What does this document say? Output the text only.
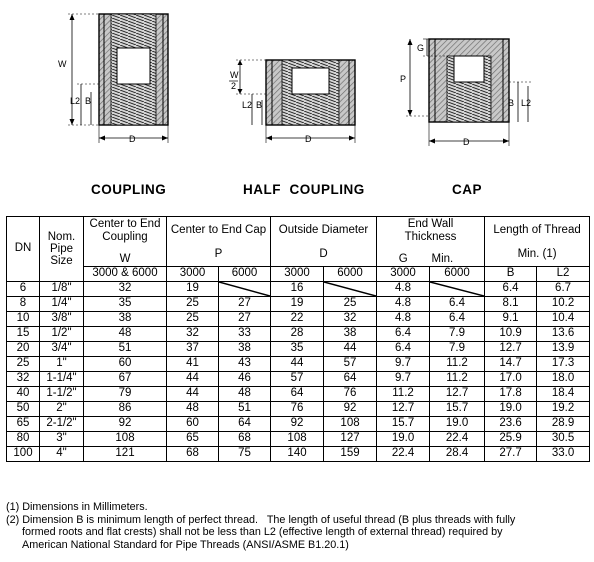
W
L2 B
D
W
2
L2 B
D
G
P
B L2
D
COUPLING	HALF  COUPLING	CAP
DN	Nom. Pipe Size	Center to End Coupling	Center to End Cap		Outside Diameter		End Wall Thickness		Length of Thread	
		W	P		D		G	Min.	Min. (1)	
		3000 & 6000	3000	6000	3000	6000	3000	6000	B	L2
6	1/8"	32	19		16		4.8		6.4	6.7
8	1/4"	35	25	27	19	25	4.8	6.4	8.1	10.2
10	3/8"	38	25	27	22	32	4.8	6.4	9.1	10.4
15	1/2"	48	32	33	28	38	6.4	7.9	10.9	13.6
20	3/4"	51	37	38	35	44	6.4	7.9	12.7	13.9
25	1"	60	41	43	44	57	9.7	11.2	14.7	17.3
32	1-1/4"	67	44	46	57	64	9.7	11.2	17.0	18.0
40	1-1/2"	79	44	48	64	76	11.2	12.7	17.8	18.4
50	2"	86	48	51	76	92	12.7	15.7	19.0	19.2
65	2-1/2"	92	60	64	92	108	15.7	19.0	23.6	28.9
80	3"	108	65	68	108	127	19.0	22.4	25.9	30.5
100	4"	121	68	75	140	159	22.4	28.4	27.7	33.0
(1) Dimensions in Millimeters.
(2) Dimension B is minimum length of perfect thread.   The length of useful thread (B plus threads with fully
formed roots and flat crests) shall not be less than L2 (effective length of external thread) required by
American National Standard for Pipe Threads (ANSI/ASME B1.20.1)
